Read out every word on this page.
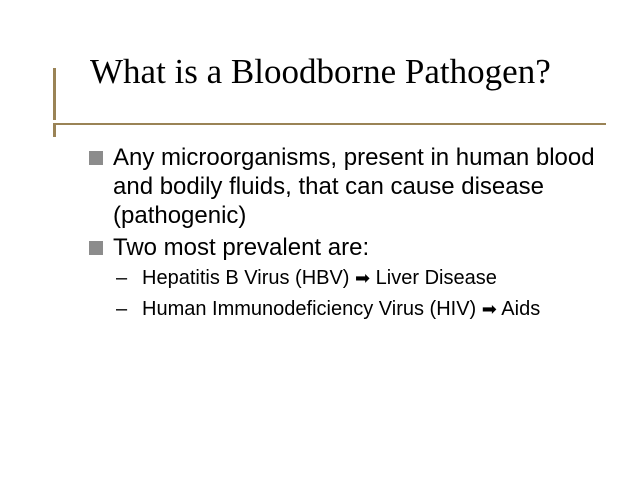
What is a Bloodborne Pathogen?
Any microorganisms, present in human blood and bodily fluids, that can cause disease (pathogenic)
Two most prevalent are:
– Hepatitis B Virus (HBV) ➡ Liver Disease
– Human Immunodeficiency Virus (HIV) ➡ Aids
